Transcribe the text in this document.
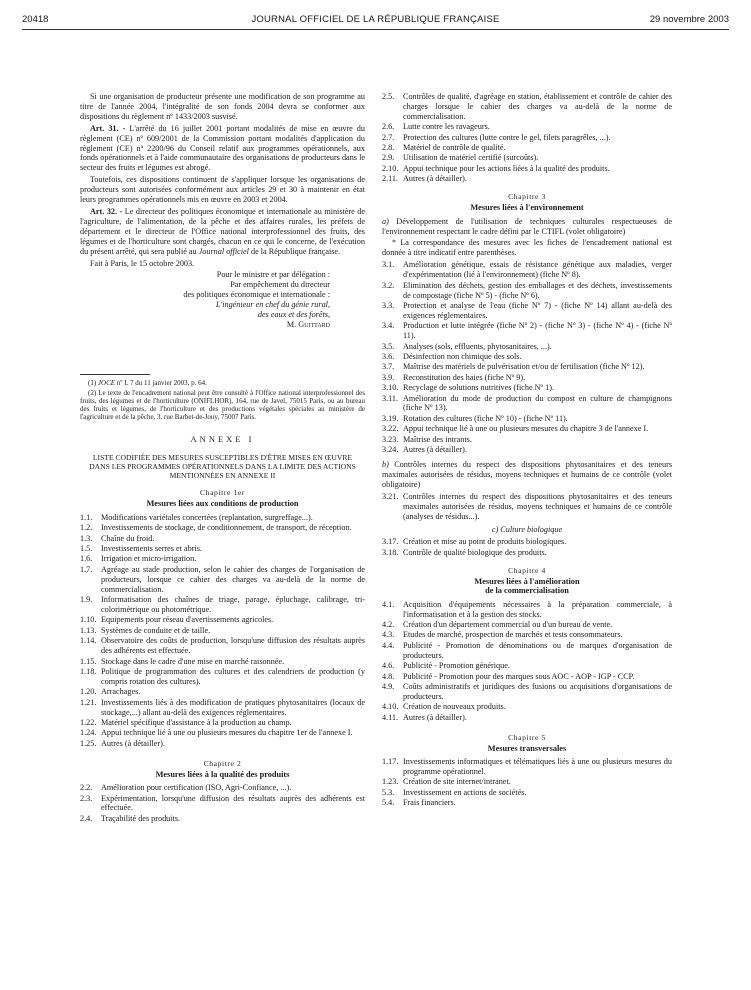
20418	JOURNAL OFFICIEL DE LA RÉPUBLIQUE FRANÇAISE	29 novembre 2003

Si une organisation de producteur présente une modification de son programme au titre de l'année 2004, l'intégralité de son fonds 2004 devra se conformer aux dispositions du règlement nº 1433/2003 susvisé.

Art. 31. - L'arrêté du 16 juillet 2001 portant modalités de mise en œuvre du règlement (CE) nº 609/2001 de la Commission portant modalités d'application du règlement (CE) nº 2200/96 du Conseil relatif aux programmes opérationnels, aux fonds opérationnels et à l'aide communautaire des organisations de producteurs dans le secteur des fruits et légumes est abrogé.

Toutefois, ces dispositions continuent de s'appliquer lorsque les organisations de producteurs sont autorisées conformément aux articles 29 et 30 à maintenir en état leurs programmes opérationnels mis en œuvre en 2003 et 2004.

Art. 32. - Le directeur des politiques économique et internationale au ministère de l'agriculture, de l'alimentation, de la pêche et des affaires rurales, les préfets de département et le directeur de l'Office national interprofessionnel des fruits, des légumes et de l'horticulture sont chargés, chacun en ce qui le concerne, de l'exécution du présent arrêté, qui sera publié au Journal officiel de la République française.

Fait à Paris, le 15 octobre 2003.

Pour le ministre et par délégation :
Par empêchement du directeur
des politiques économique et internationale :
L'ingénieur en chef du génie rural,
des eaux et des forêts,
M. Guittard

(1) JOCE nº L 7 du 11 janvier 2003, p. 64.

(2) Le texte de l'encadrement national peut être consulté à l'Office national interprofessionnel des fruits, des légumes et de l'horticulture (ONIFLHOR), 164, rue de Javel, 75015 Paris, ou au bureau des fruits et légumes, de l'horticulture et des productions végétales spéciales au ministère de l'agriculture et de la pêche, 3, rue Barbet-de-Jouy, 75007 Paris.

ANNEXE I
LISTE CODIFIÉE DES MESURES SUSCEPTIBLES D'ÊTRE MISES EN ŒUVRE DANS LES PROGRAMMES OPÉRATIONNELS DANS LA LIMITE DES ACTIONS MENTIONNÉES EN ANNEXE II
Chapitre 1er
Mesures liées aux conditions de production
1.1.	Modifications variétales concertées (replantation, surgreffage...).
1.2.	Investissements de stockage, de conditionnement, de transport, de réception.
1.3.	Chaîne du froid.
1.5.	Investissements serres et abris.
1.6.	Irrigation et micro-irrigation.
1.7.	Agréage au stade production, selon le cahier des charges de l'organisation de producteurs, lorsque ce cahier des charges va au-delà de la norme de commercialisation.
1.9.	Informatisation des chaînes de triage, parage, épluchage, calibrage, tri-colorimétrique ou photométrique.
1.10. Equipements pour réseau d'avertissements agricoles.
1.13. Systèmes de conduite et de taille.
1.14. Observatoire des coûts de production, lorsqu'une diffusion des résultats auprès des adhérents est effectuée.
1.15. Stockage dans le cadre d'une mise en marché raisonnée.
1.18. Politique de programmation des cultures et des calendriers de production (y compris rotation des cultures).
1.20. Arrachages.
1.21. Investissements liés à des modification de pratiques phytosanitaires (locaux de stockage,...) allant au-delà des exigences réglementaires.
1.22. Matériel spécifique d'assistance à la production au champ.
1.24. Appui technique lié à une ou plusieurs mesures du chapitre 1er de l'annexe I.
1.25. Autres (à détailler).
Chapitre 2
Mesures liées à la qualité des produits
2.2.	Amélioration pour certification (ISO, Agri-Confiance, ...).
2.3.	Expérimentation, lorsqu'une diffusion des résultats auprès des adhérents est effectuée.
2.4.	Traçabilité des produits.
2.5.	Contrôles de qualité, d'agréage en station, établissement et contrôle de cahier des charges lorsque le cahier des charges va au-delà de la norme de commercialisation.
2.6.	Lutte contre les ravageurs.
2.7.	Protection des cultures (lutte contre le gel, filets paragrêles, ...).
2.8.	Matériel de contrôle de qualité.
2.9.	Utilisation de matériel certifié (surcoûts).
2.10. Appui technique pour les actions liées à la qualité des produits.
2.11. Autres (à détailler).
Chapitre 3
Mesures liées à l'environnement

a) Développement de l'utilisation de techniques culturales respectueuses de l'environnement respectant le cadre défini par le CTIFL (volet obligatoire)

* La correspondance des mesures avec les fiches de l'encadrement national est donnée à titre indicatif entre parenthèses.

3.1.	Amélioration génétique, essais de résistance génétique aux maladies, verger d'expérimentation (lié à l'environnement) (fiche Nº 8).
3.2.	Elimination des déchets, gestion des emballages et des déchets, investissements de compostage (fiche Nº 5) - (fiche Nº 6).
3.3.	Protection et analyse de l'eau (fiche Nº 7) - (fiche Nº 14) allant au-delà des exigences réglementaires.
3.4.	Production et lutte intégrée (fiche Nº 2) - (fiche Nº 3) - (fiche Nº 4) - (fiche Nº 11).
3.5.	Analyses (sols, effluents, phytosanitaires, ...).
3.6.	Désinfection non chimique des sols.
3.7.	Maîtrise des matériels de pulvérisation et/ou de fertilisation (fiche Nº 12).
3.9.	Reconstitution des haies (fiche Nº 9).
3.10. Recyclage de solutions nutritives (fiche Nº 1).
3.11. Amélioration du mode de production du compost en culture de champignons (fiche Nº 13).
3.19. Rotation des cultures (fiche Nº 10) - (fiche Nº 11).
3.22. Appui technique lié à une ou plusieurs mesures du chapitre 3 de l'annexe I.
3.23. Maîtrise des intrants.
3.24. Autres (à détailler).

b) Contrôles internes du respect des dispositions phytosanitaires et des teneurs maximales autorisées de résidus, moyens techniques et humains de ce contrôle (volet obligatoire)

3.21. Contrôles internes du respect des dispositions phytosanitaires et des teneurs maximales autorisées de résidus, moyens techniques et humains de ce contrôle (analyses de résidus...).
c) Culture biologique
3.17. Création et mise au point de produits biologiques.
3.18. Contrôle de qualité biologique des produits.
Chapitre 4
Mesures liées à l'amélioration
de la commercialisation
4.1.	Acquisition d'équipements nécessaires à la préparation commerciale, à l'informatisation et à la gestion des stocks.
4.2.	Création d'un département commercial ou d'un bureau de vente.
4.3.	Etudes de marché, prospection de marchés et tests consommateurs.
4.4.	Publicité - Promotion de dénominations ou de marques d'organisation de producteurs.
4.6.	Publicité - Promotion générique.
4.8.	Publicité - Promotion pour des marques sous AOC - AOP - IGP - CCP.
4.9.	Coûts administratifs et juridiques des fusions ou acquisitions d'organisations de producteurs.
4.10. Création de nouveaux produits.
4.11. Autres (à détailler).
Chapitre 5
Mesures transversales
1.17. Investissements informatiques et télématiques liés à une ou plusieurs mesures du programme opérationnel.
1.23. Création de site internet/intranet.
5.3.	Investissement en actions de sociétés.
5.4.	Frais financiers.
